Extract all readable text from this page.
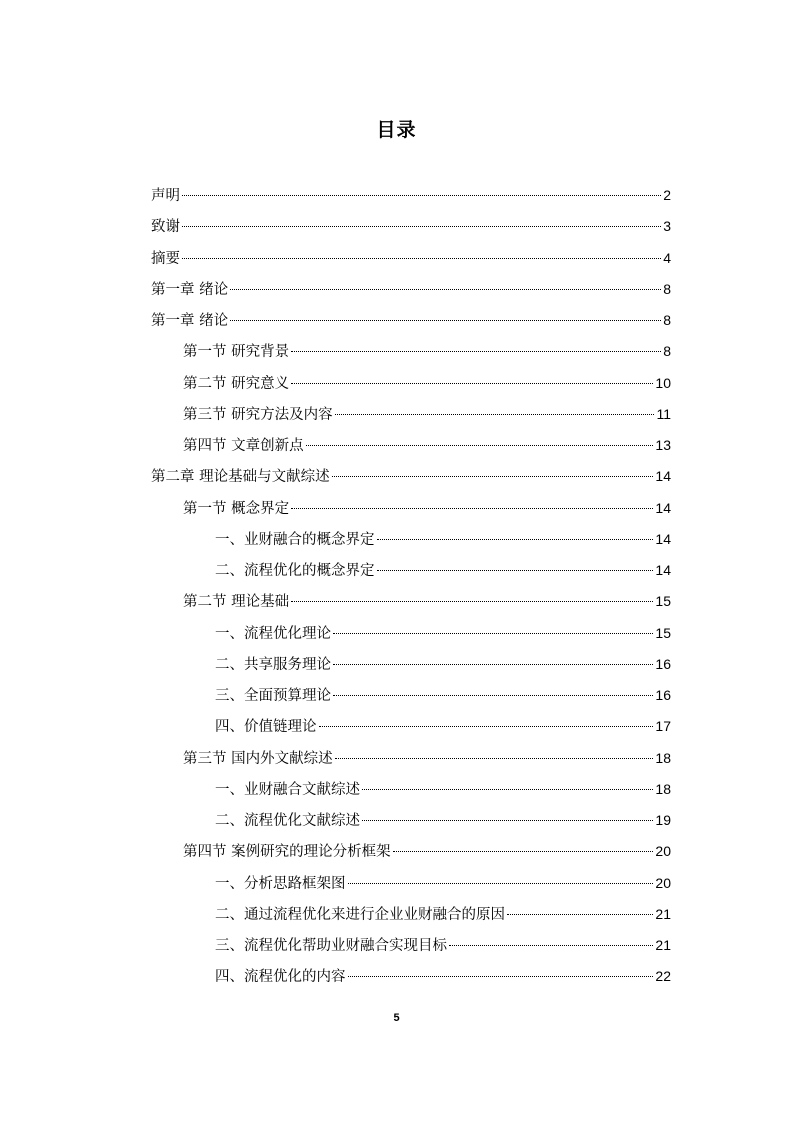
目录
声明	2
致谢	3
摘要	4
第一章 绪论	8
第一章 绪论	8
第一节 研究背景	8
第二节 研究意义	10
第三节 研究方法及内容	11
第四节 文章创新点	13
第二章 理论基础与文献综述	14
第一节 概念界定	14
一、业财融合的概念界定	14
二、流程优化的概念界定	14
第二节 理论基础	15
一、流程优化理论	15
二、共享服务理论	16
三、全面预算理论	16
四、价值链理论	17
第三节 国内外文献综述	18
一、业财融合文献综述	18
二、流程优化文献综述	19
第四节 案例研究的理论分析框架	20
一、分析思路框架图	20
二、通过流程优化来进行企业业财融合的原因	21
三、流程优化帮助业财融合实现目标	21
四、流程优化的内容	22
5
